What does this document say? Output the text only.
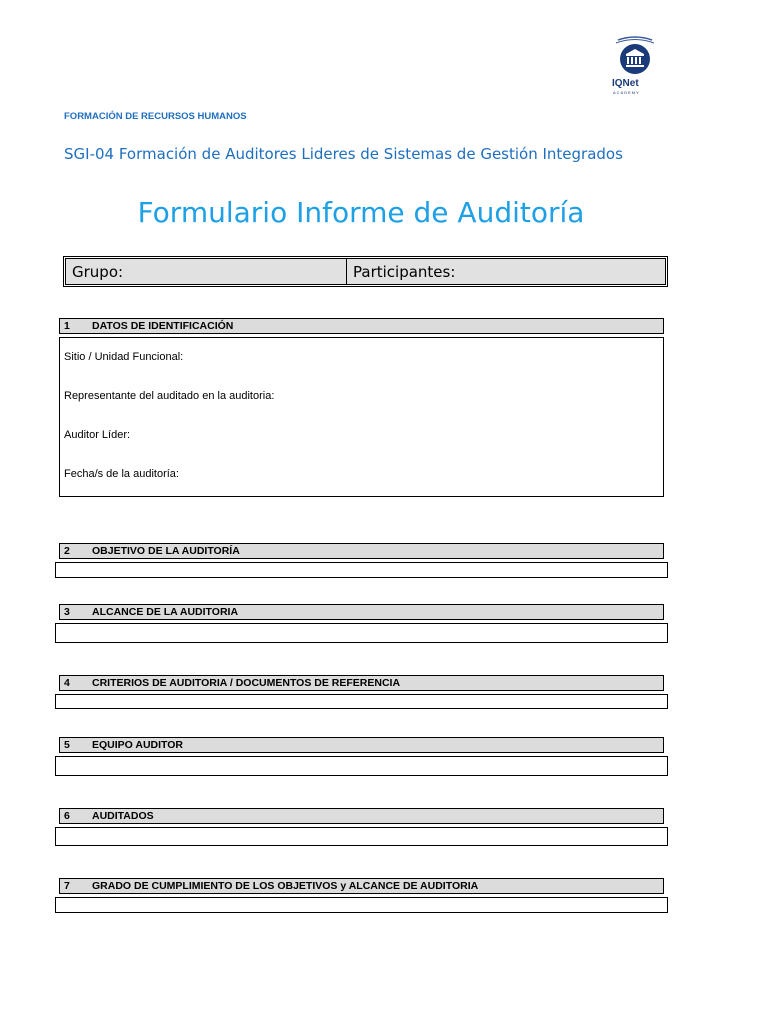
IQNet
ACADEMY
FORMACIÓN DE RECURSOS HUMANOS
SGI-04 Formación de Auditores Lideres de Sistemas de Gestión Integrados
Formulario Informe de Auditoría
Grupo:	Participantes:
1 DATOS DE IDENTIFICACIÓN
Sitio / Unidad Funcional:
Representante del auditado en la auditoria:
Auditor Líder:
Fecha/s de la auditoría:
2 OBJETIVO DE LA AUDITORÍA
3 ALCANCE DE LA AUDITORIA
4 CRITERIOS DE AUDITORIA / DOCUMENTOS DE REFERENCIA
5 EQUIPO AUDITOR
6 AUDITADOS
7 GRADO DE CUMPLIMIENTO DE LOS OBJETIVOS y ALCANCE DE AUDITORIA
